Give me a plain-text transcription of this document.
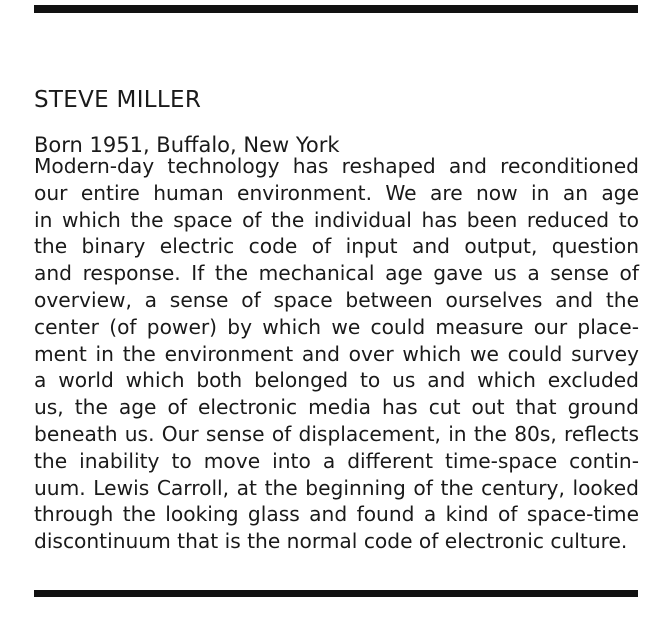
STEVE MILLER
Born 1951, Buffalo, New York

Modern-day technology has reshaped and reconditioned
our entire human environment. We are now in an age
in which the space of the individual has been reduced to
the binary electric code of input and output, question
and response. If the mechanical age gave us a sense of
overview, a sense of space between ourselves and the
center (of power) by which we could measure our place-
ment in the environment and over which we could survey
a world which both belonged to us and which excluded
us, the age of electronic media has cut out that ground
beneath us. Our sense of displacement, in the 80s, reflects
the inability to move into a different time-space contin-
uum. Lewis Carroll, at the beginning of the century, looked
through the looking glass and found a kind of space-time
discontinuum that is the normal code of electronic culture.
